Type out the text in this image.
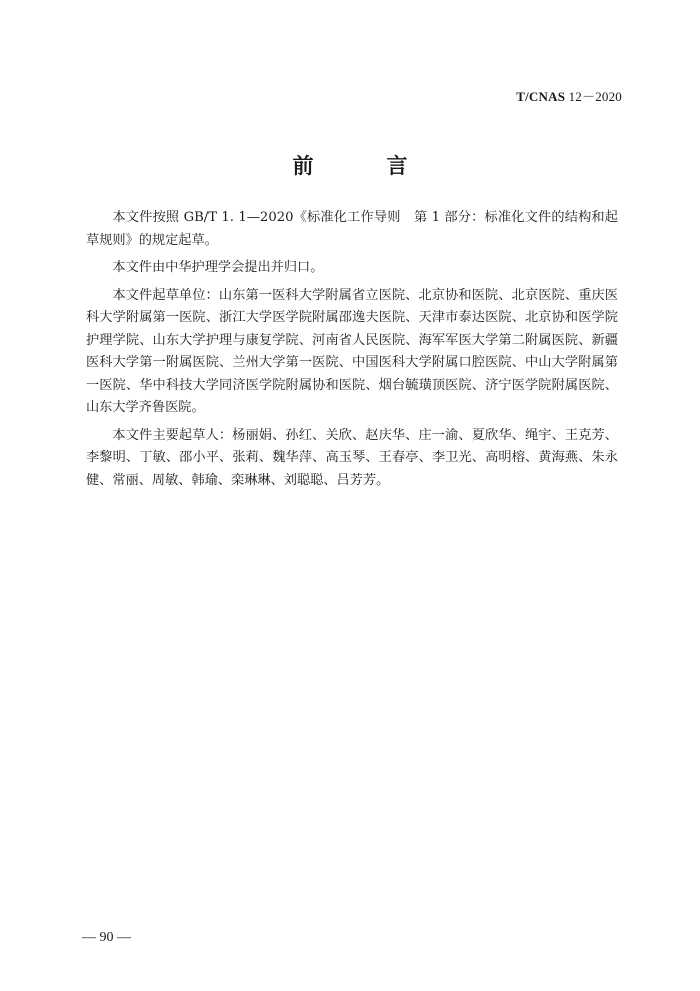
T/CNAS 12－2020
前　言

本文件按照 GB/T 1. 1—2020《标准化工作导则　第 1 部分：标准化文件的结构和起草规则》的规定起草。

本文件由中华护理学会提出并归口。

本文件起草单位：山东第一医科大学附属省立医院、北京协和医院、北京医院、重庆医科大学附属第一医院、浙江大学医学院附属邵逸夫医院、天津市泰达医院、北京协和医学院护理学院、山东大学护理与康复学院、河南省人民医院、海军军医大学第二附属医院、新疆医科大学第一附属医院、兰州大学第一医院、中国医科大学附属口腔医院、中山大学附属第一医院、华中科技大学同济医学院附属协和医院、烟台毓璜顶医院、济宁医学院附属医院、山东大学齐鲁医院。

本文件主要起草人：杨丽娟、孙红、关欣、赵庆华、庄一渝、夏欣华、绳宇、王克芳、李黎明、丁敏、邵小平、张莉、魏华萍、高玉琴、王春亭、李卫光、高明榕、黄海燕、朱永健、常丽、周敏、韩瑜、栾琳琳、刘聪聪、吕芳芳。

— 90 —
